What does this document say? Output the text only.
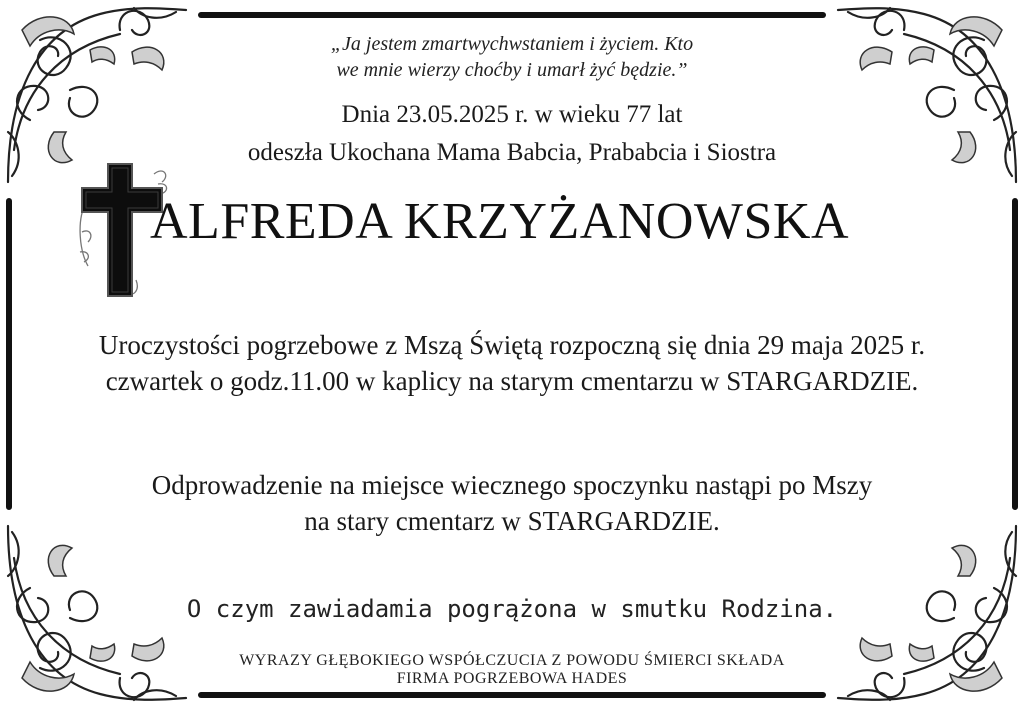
„Ja jestem zmartwychwstaniem i życiem. Kto
we mnie wierzy choćby i umarł żyć będzie.”
Dnia 23.05.2025 r. w wieku 77 lat
odeszła Ukochana Mama Babcia, Prababcia i Siostra
ALFREDA KRZYŻANOWSKA
Uroczystości pogrzebowe z Mszą Świętą rozpoczną się dnia 29 maja 2025 r.
czwartek o godz.11.00 w kaplicy na starym cmentarzu w STARGARDZIE.
Odprowadzenie na miejsce wiecznego spoczynku nastąpi po Mszy
na stary cmentarz w STARGARDZIE.
O czym zawiadamia pogrążona w smutku Rodzina.
WYRAZY GŁĘBOKIEGO WSPÓŁCZUCIA Z POWODU ŚMIERCI SKŁADA
FIRMA POGRZEBOWA HADES
